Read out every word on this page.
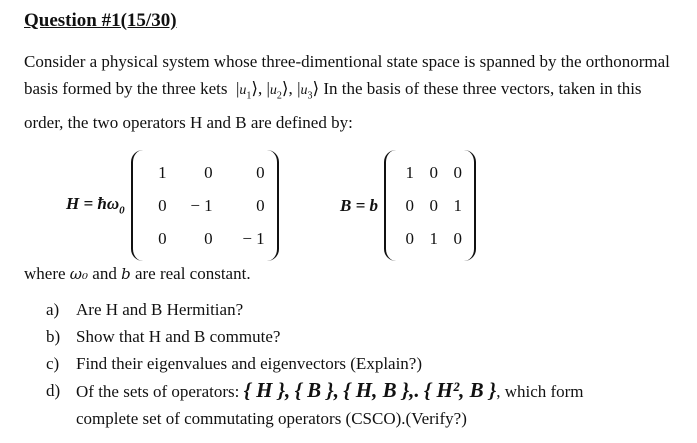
Question #1(15/30)
Consider a physical system whose three-dimentional state space is spanned by the orthonormal basis formed by the three kets  $|u_1⟩$, $|u_2⟩$, $|u_3⟩$ In the basis of these three vectors, taken in this order, the two operators H and B are defined by:
$H = ħ\omega_0$
1	0	0
0	− 1	0
0	0	− 1
B = b
1 0 0
0 0 1
0 1 0
where ω₀ and b are real constant.
a) Are H and B Hermitian?
b) Show that H and B commute?
c) Find their eigenvalues and eigenvectors (Explain?)
d) Of the sets of operators: { H }, { B }, { H, B },. { H², B }, which form
complete set of commutating operators (CSCO).(Verify?)
